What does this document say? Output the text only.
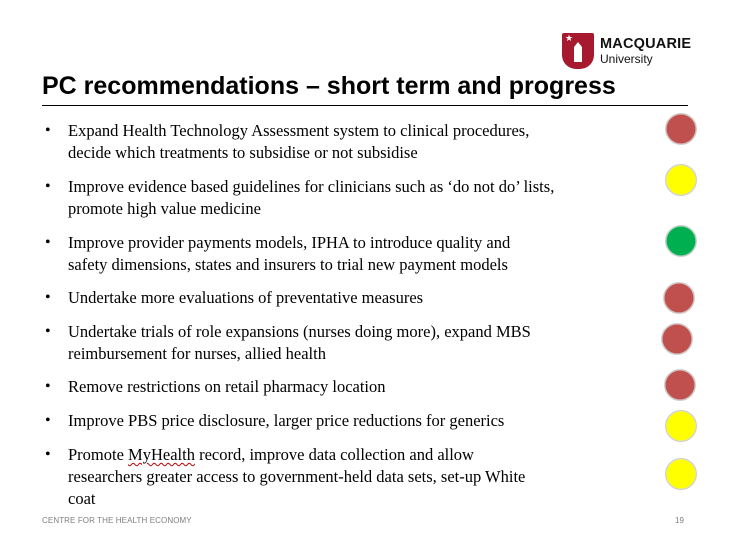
★ MACQUARIE
University
PC recommendations – short term and progress
• Expand Health Technology Assessment system to clinical procedures,
decide which treatments to subsidise or not subsidise
• Improve evidence based guidelines for clinicians such as ‘do not do’ lists,
promote high value medicine
• Improve provider payments models, IPHA to introduce quality and
safety dimensions, states and insurers to trial new payment models
• Undertake more evaluations of preventative measures
• Undertake trials of role expansions (nurses doing more), expand MBS
reimbursement for nurses, allied health
• Remove restrictions on retail pharmacy location
• Improve PBS price disclosure, larger price reductions for generics
• Promote MyHealth record, improve data collection and allow
researchers greater access to government-held data sets, set-up White
coat
CENTRE FOR THE HEALTH ECONOMY	19
